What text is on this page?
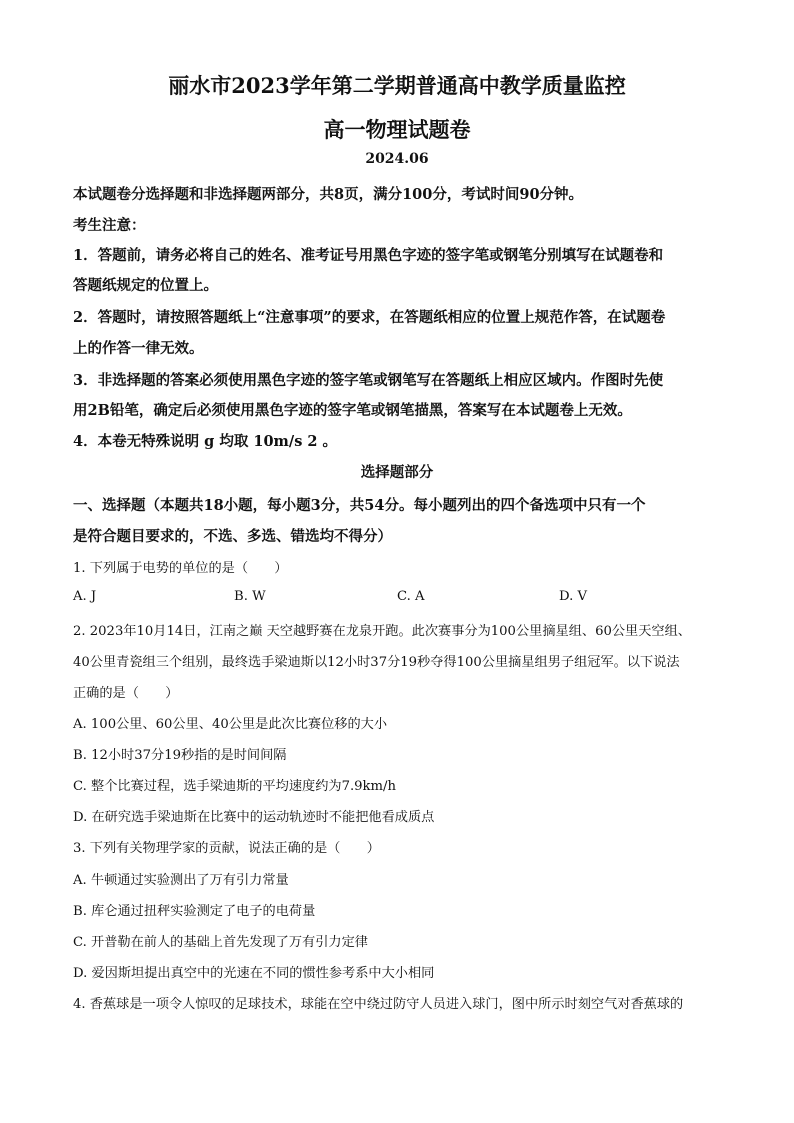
丽水市2023学年第二学期普通高中教学质量监控
高一物理试题卷
2024.06
本试题卷分选择题和非选择题两部分，共8页，满分100分，考试时间90分钟。
考生注意：
1．答题前，请务必将自己的姓名、准考证号用黑色字迹的签字笔或钢笔分别填写在试题卷和
答题纸规定的位置上。
2．答题时，请按照答题纸上“注意事项”的要求，在答题纸相应的位置上规范作答，在试题卷
上的作答一律无效。
3．非选择题的答案必须使用黑色字迹的签字笔或钢笔写在答题纸上相应区域内。作图时先使
用2B铅笔，确定后必须使用黑色字迹的签字笔或钢笔描黑，答案写在本试题卷上无效。
4．本卷无特殊说明 g 均取 10m/s 2 。
选择题部分
一、选择题（本题共18小题，每小题3分，共54分。每小题列出的四个备选项中只有一个
是符合题目要求的，不选、多选、错选均不得分）
1. 下列属于电势的单位的是（　　）
A. J	B. W	C. A	D. V
2. 2023年10月14日，江南之巅 天空越野赛在龙泉开跑。此次赛事分为100公里摘星组、60公里天空组、
40公里青瓷组三个组别，最终选手梁迪斯以12小时37分19秒夺得100公里摘星组男子组冠军。以下说法
正确的是（　　）
A. 100公里、60公里、40公里是此次比赛位移的大小
B. 12小时37分19秒指的是时间间隔
C. 整个比赛过程，选手梁迪斯的平均速度约为7.9km/h
D. 在研究选手梁迪斯在比赛中的运动轨迹时不能把他看成质点
3. 下列有关物理学家的贡献，说法正确的是（　　）
A. 牛顿通过实验测出了万有引力常量
B. 库仑通过扭秤实验测定了电子的电荷量
C. 开普勒在前人的基础上首先发现了万有引力定律
D. 爱因斯坦提出真空中的光速在不同的惯性参考系中大小相同
4. 香蕉球是一项令人惊叹的足球技术，球能在空中绕过防守人员进入球门，图中所示时刻空气对香蕉球的
